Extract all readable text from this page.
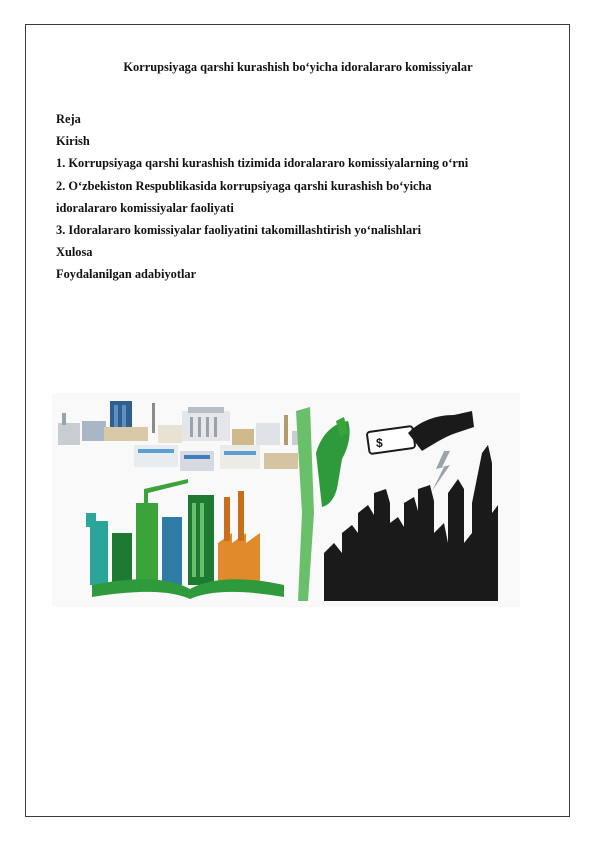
Korrupsiyaga qarshi kurashish bo‘yicha idoralararo komissiyalar
Reja
Kirish
1. Korrupsiyaga qarshi kurashish tizimida idoralararo komissiyalarning o‘rni
2. O‘zbekiston Respublikasida korrupsiyaga qarshi kurashish bo‘yicha
idoralararo komissiyalar faoliyati
3. Idoralararo komissiyalar faoliyatini takomillashtirish yo‘nalishlari
Xulosa
Foydalanilgan adabiyotlar
$
